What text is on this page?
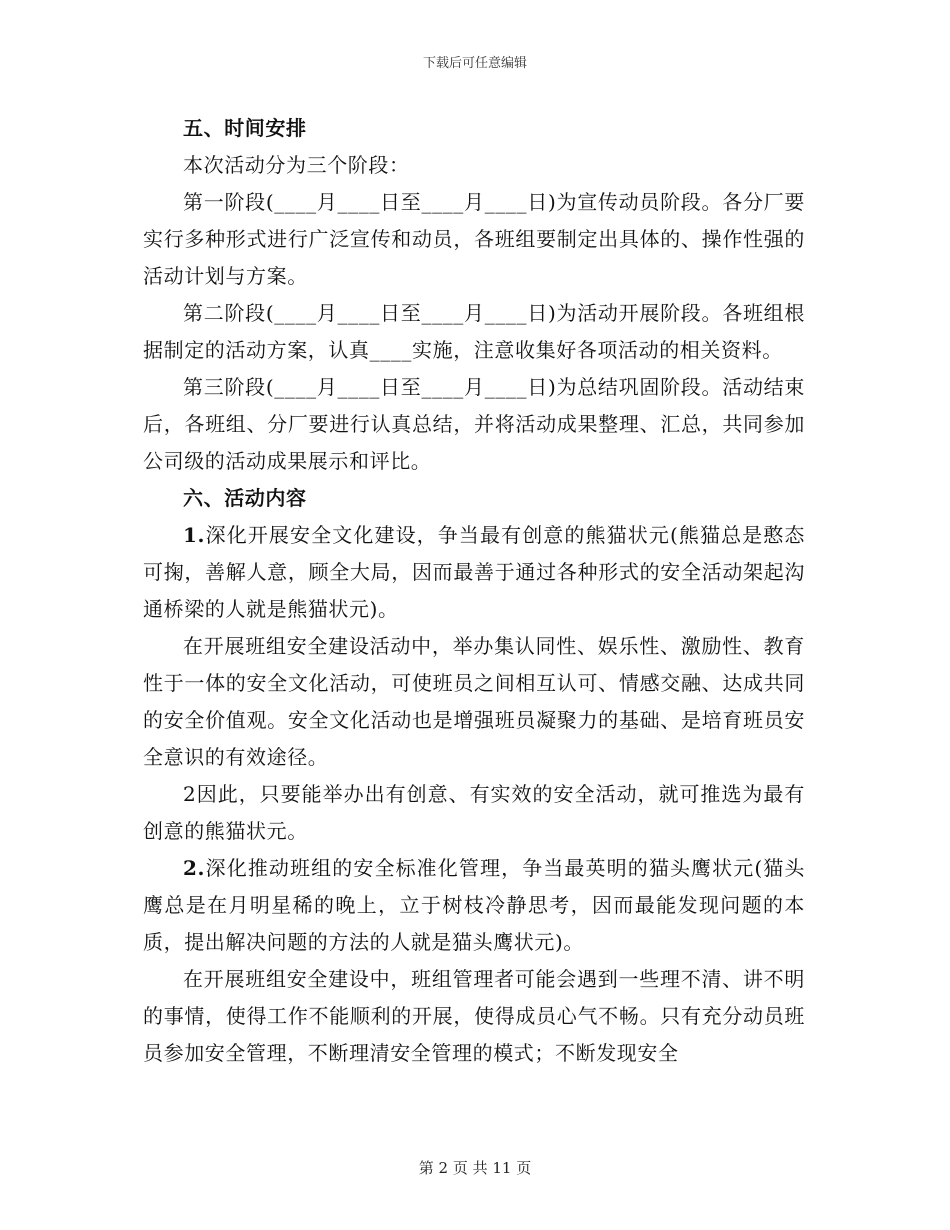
下载后可任意编辑

五、时间安排

本次活动分为三个阶段：

第一阶段(____月____日至____月____日)为宣传动员阶段。各分厂要实行多种形式进行广泛宣传和动员，各班组要制定出具体的、操作性强的活动计划与方案。

第二阶段(____月____日至____月____日)为活动开展阶段。各班组根据制定的活动方案，认真____实施，注意收集好各项活动的相关资料。

第三阶段(____月____日至____月____日)为总结巩固阶段。活动结束后，各班组、分厂要进行认真总结，并将活动成果整理、汇总，共同参加公司级的活动成果展示和评比。

六、活动内容

1.深化开展安全文化建设，争当最有创意的熊猫状元(熊猫总是憨态可掬，善解人意，顾全大局，因而最善于通过各种形式的安全活动架起沟通桥梁的人就是熊猫状元)。

在开展班组安全建设活动中，举办集认同性、娱乐性、激励性、教育性于一体的安全文化活动，可使班员之间相互认可、情感交融、达成共同的安全价值观。安全文化活动也是增强班员凝聚力的基础、是培育班员安全意识的有效途径。

2因此，只要能举办出有创意、有实效的安全活动，就可推选为最有创意的熊猫状元。

2.深化推动班组的安全标准化管理，争当最英明的猫头鹰状元(猫头鹰总是在月明星稀的晚上，立于树枝冷静思考，因而最能发现问题的本质，提出解决问题的方法的人就是猫头鹰状元)。

在开展班组安全建设中，班组管理者可能会遇到一些理不清、讲不明的事情，使得工作不能顺利的开展，使得成员心气不畅。只有充分动员班员参加安全管理，不断理清安全管理的模式；不断发现安全

第 2 页 共 11 页
